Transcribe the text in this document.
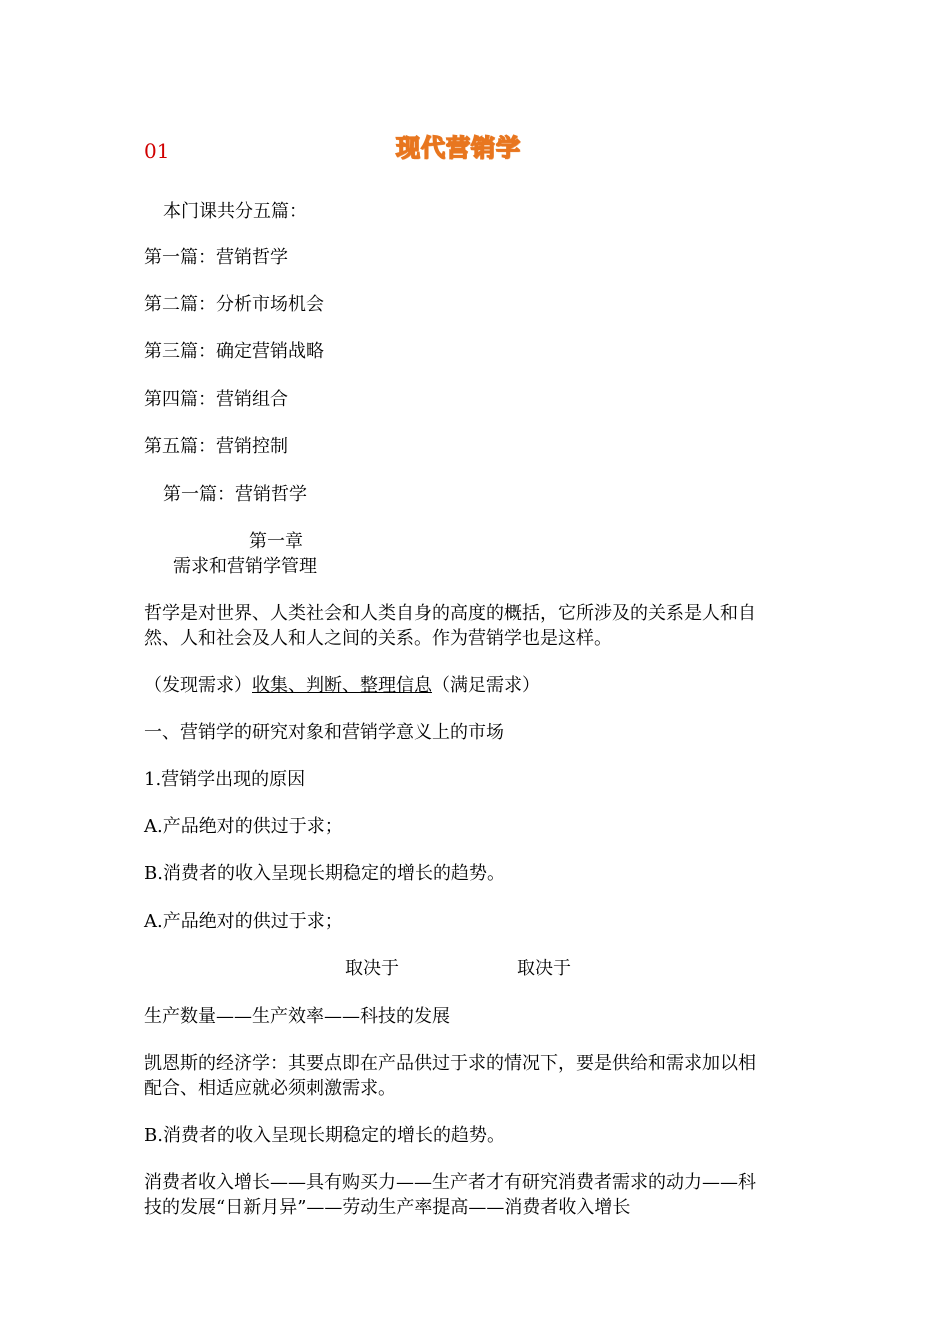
01	现代营销学
本门课共分五篇：
第一篇：营销哲学
第二篇：分析市场机会
第三篇：确定营销战略
第四篇：营销组合
第五篇：营销控制
第一篇：营销哲学
第一章
需求和营销学管理
哲学是对世界、人类社会和人类自身的高度的概括，它所涉及的关系是人和自
然、人和社会及人和人之间的关系。作为营销学也是这样。
（发现需求）收集、判断、整理信息（满足需求）
一、营销学的研究对象和营销学意义上的市场
1.营销学出现的原因
A.产品绝对的供过于求；
B.消费者的收入呈现长期稳定的增长的趋势。
A.产品绝对的供过于求；
取决于	取决于
生产数量——生产效率——科技的发展
凯恩斯的经济学：其要点即在产品供过于求的情况下，要是供给和需求加以相
配合、相适应就必须刺激需求。
B.消费者的收入呈现长期稳定的增长的趋势。
消费者收入增长——具有购买力——生产者才有研究消费者需求的动力——科
技的发展“日新月异”——劳动生产率提高——消费者收入增长
